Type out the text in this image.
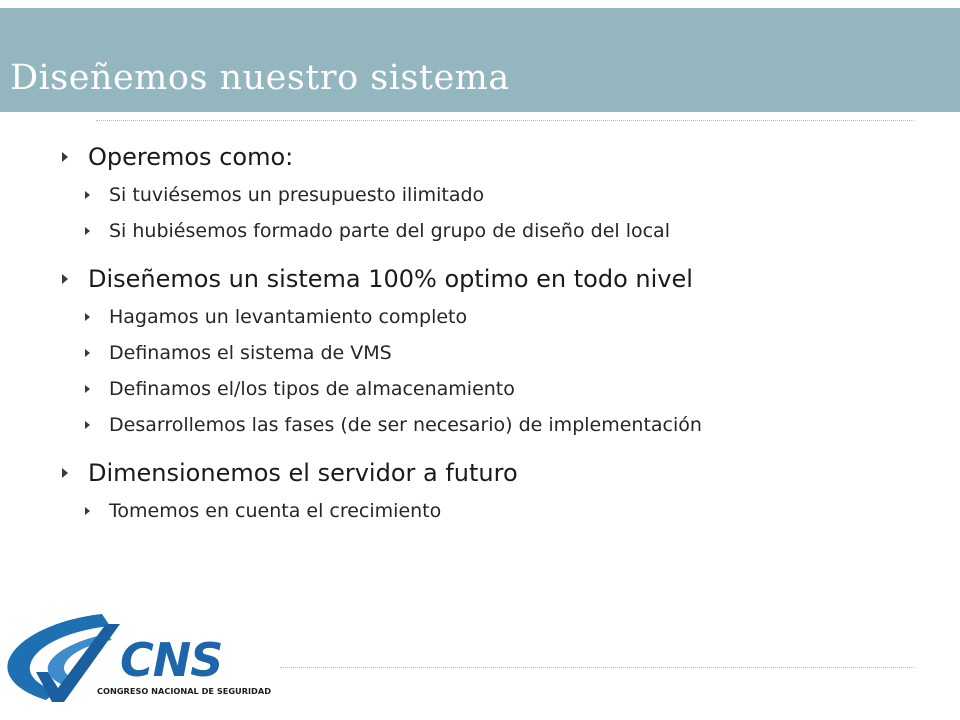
Diseñemos nuestro sistema
Operemos como:
Si tuviésemos un presupuesto ilimitado
Si hubiésemos formado parte del grupo de diseño del local
Diseñemos un sistema 100% optimo en todo nivel
Hagamos un levantamiento completo
Definamos el sistema de VMS
Definamos el/los tipos de almacenamiento
Desarrollemos las fases (de ser necesario) de implementación
Dimensionemos el servidor a futuro
Tomemos en cuenta el crecimiento
CNS
CONGRESO NACIONAL DE SEGURIDAD
